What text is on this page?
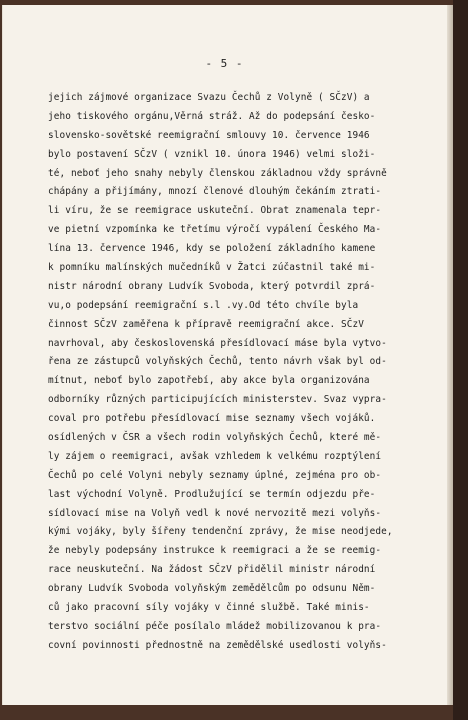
- 5 -
jejich zájmové organizace Svazu Čechů z Volyně ( SČzV) a
jeho tiskového orgánu,Věrná stráž. Až do podepsání česko-
slovensko-sovětské reemigrační smlouvy 10. července 1946
bylo postavení SČzV ( vznikl 10. února 1946) velmi složi-
té, neboť jeho snahy nebyly členskou základnou vždy správně
chápány a přijímány, mnozí členové dlouhým čekáním ztrati-
li víru, že se reemigrace uskuteční. Obrat znamenala tepr-
ve pietní vzpomínka ke třetímu výročí vypálení Českého Ma-
lína 13. července 1946, kdy se položení základního kamene
k pomníku malínských mučedníků v Žatci zúčastnil také mi-
nistr národní obrany Ludvík Svoboda, který potvrdil zprá-
vu,o podepsání reemigrační s.l .vy.Od této chvíle byla
činnost SČzV zaměřena k přípravě reemigrační akce. SČzV
navrhoval, aby československá přesídlovací máse byla vytvo-
řena ze zástupců volyňských Čechů, tento návrh však byl od-
mítnut, neboť bylo zapotřebí, aby akce byla organizována
odborníky různých participujících ministerstev. Svaz vypra-
coval pro potřebu přesídlovací mise seznamy všech vojáků.
osídlených v ČSR a všech rodin volyňských Čechů, které mě-
ly zájem o reemigraci, avšak vzhledem k velkému rozptýlení
Čechů po celé Volyni nebyly seznamy úplné, zejména pro ob-
last východní Volyně. Prodlužující se termín odjezdu pře-
sídlovací mise na Volyň vedl k nové nervozitě mezi volyňs-
kými vojáky, byly šířeny tendenční zprávy, že mise neodjede,
že nebyly podepsány instrukce k reemigraci a že se reemig-
race neuskuteční. Na žádost SČzV přidělil ministr národní
obrany Ludvík Svoboda volyňským zemědělcům po odsunu Něm-
ců jako pracovní síly vojáky v činné službě. Také minis-
terstvo sociální péče posílalo mládež mobilizovanou k pra-
covní povinnosti přednostně na zemědělské usedlosti volyňs-
